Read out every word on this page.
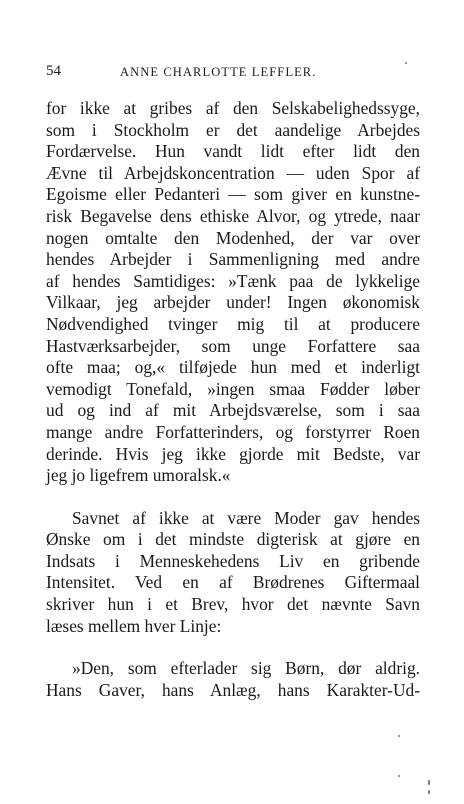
54	ANNE CHARLOTTE LEFFLER.
for ikke at gribes af den Selskabelighedssyge,
som i Stockholm er det aandelige Arbejdes
Fordærvelse. Hun vandt lidt efter lidt den
Ævne til Arbejdskoncentration — uden Spor af
Egoisme eller Pedanteri — som giver en kunstne-
risk Begavelse dens ethiske Alvor, og ytrede, naar
nogen omtalte den Modenhed, der var over
hendes Arbejder i Sammenligning med andre
af hendes Samtidiges: »Tænk paa de lykkelige
Vilkaar, jeg arbejder under! Ingen økonomisk
Nødvendighed tvinger mig til at producere
Hastværksarbejder, som unge Forfattere saa
ofte maa; og,« tilføjede hun med et inderligt
vemodigt Tonefald, »ingen smaa Fødder løber
ud og ind af mit Arbejdsværelse, som i saa
mange andre Forfatterinders, og forstyrrer Roen
derinde. Hvis jeg ikke gjorde mit Bedste, var
jeg jo ligefrem umoralsk.«
Savnet af ikke at være Moder gav hendes
Ønske om i det mindste digterisk at gjøre en
Indsats i Menneskehedens Liv en gribende
Intensitet. Ved en af Brødrenes Giftermaal
skriver hun i et Brev, hvor det nævnte Savn
læses mellem hver Linje:
»Den, som efterlader sig Børn, dør aldrig.
Hans Gaver, hans Anlæg, hans Karakter-Ud-
